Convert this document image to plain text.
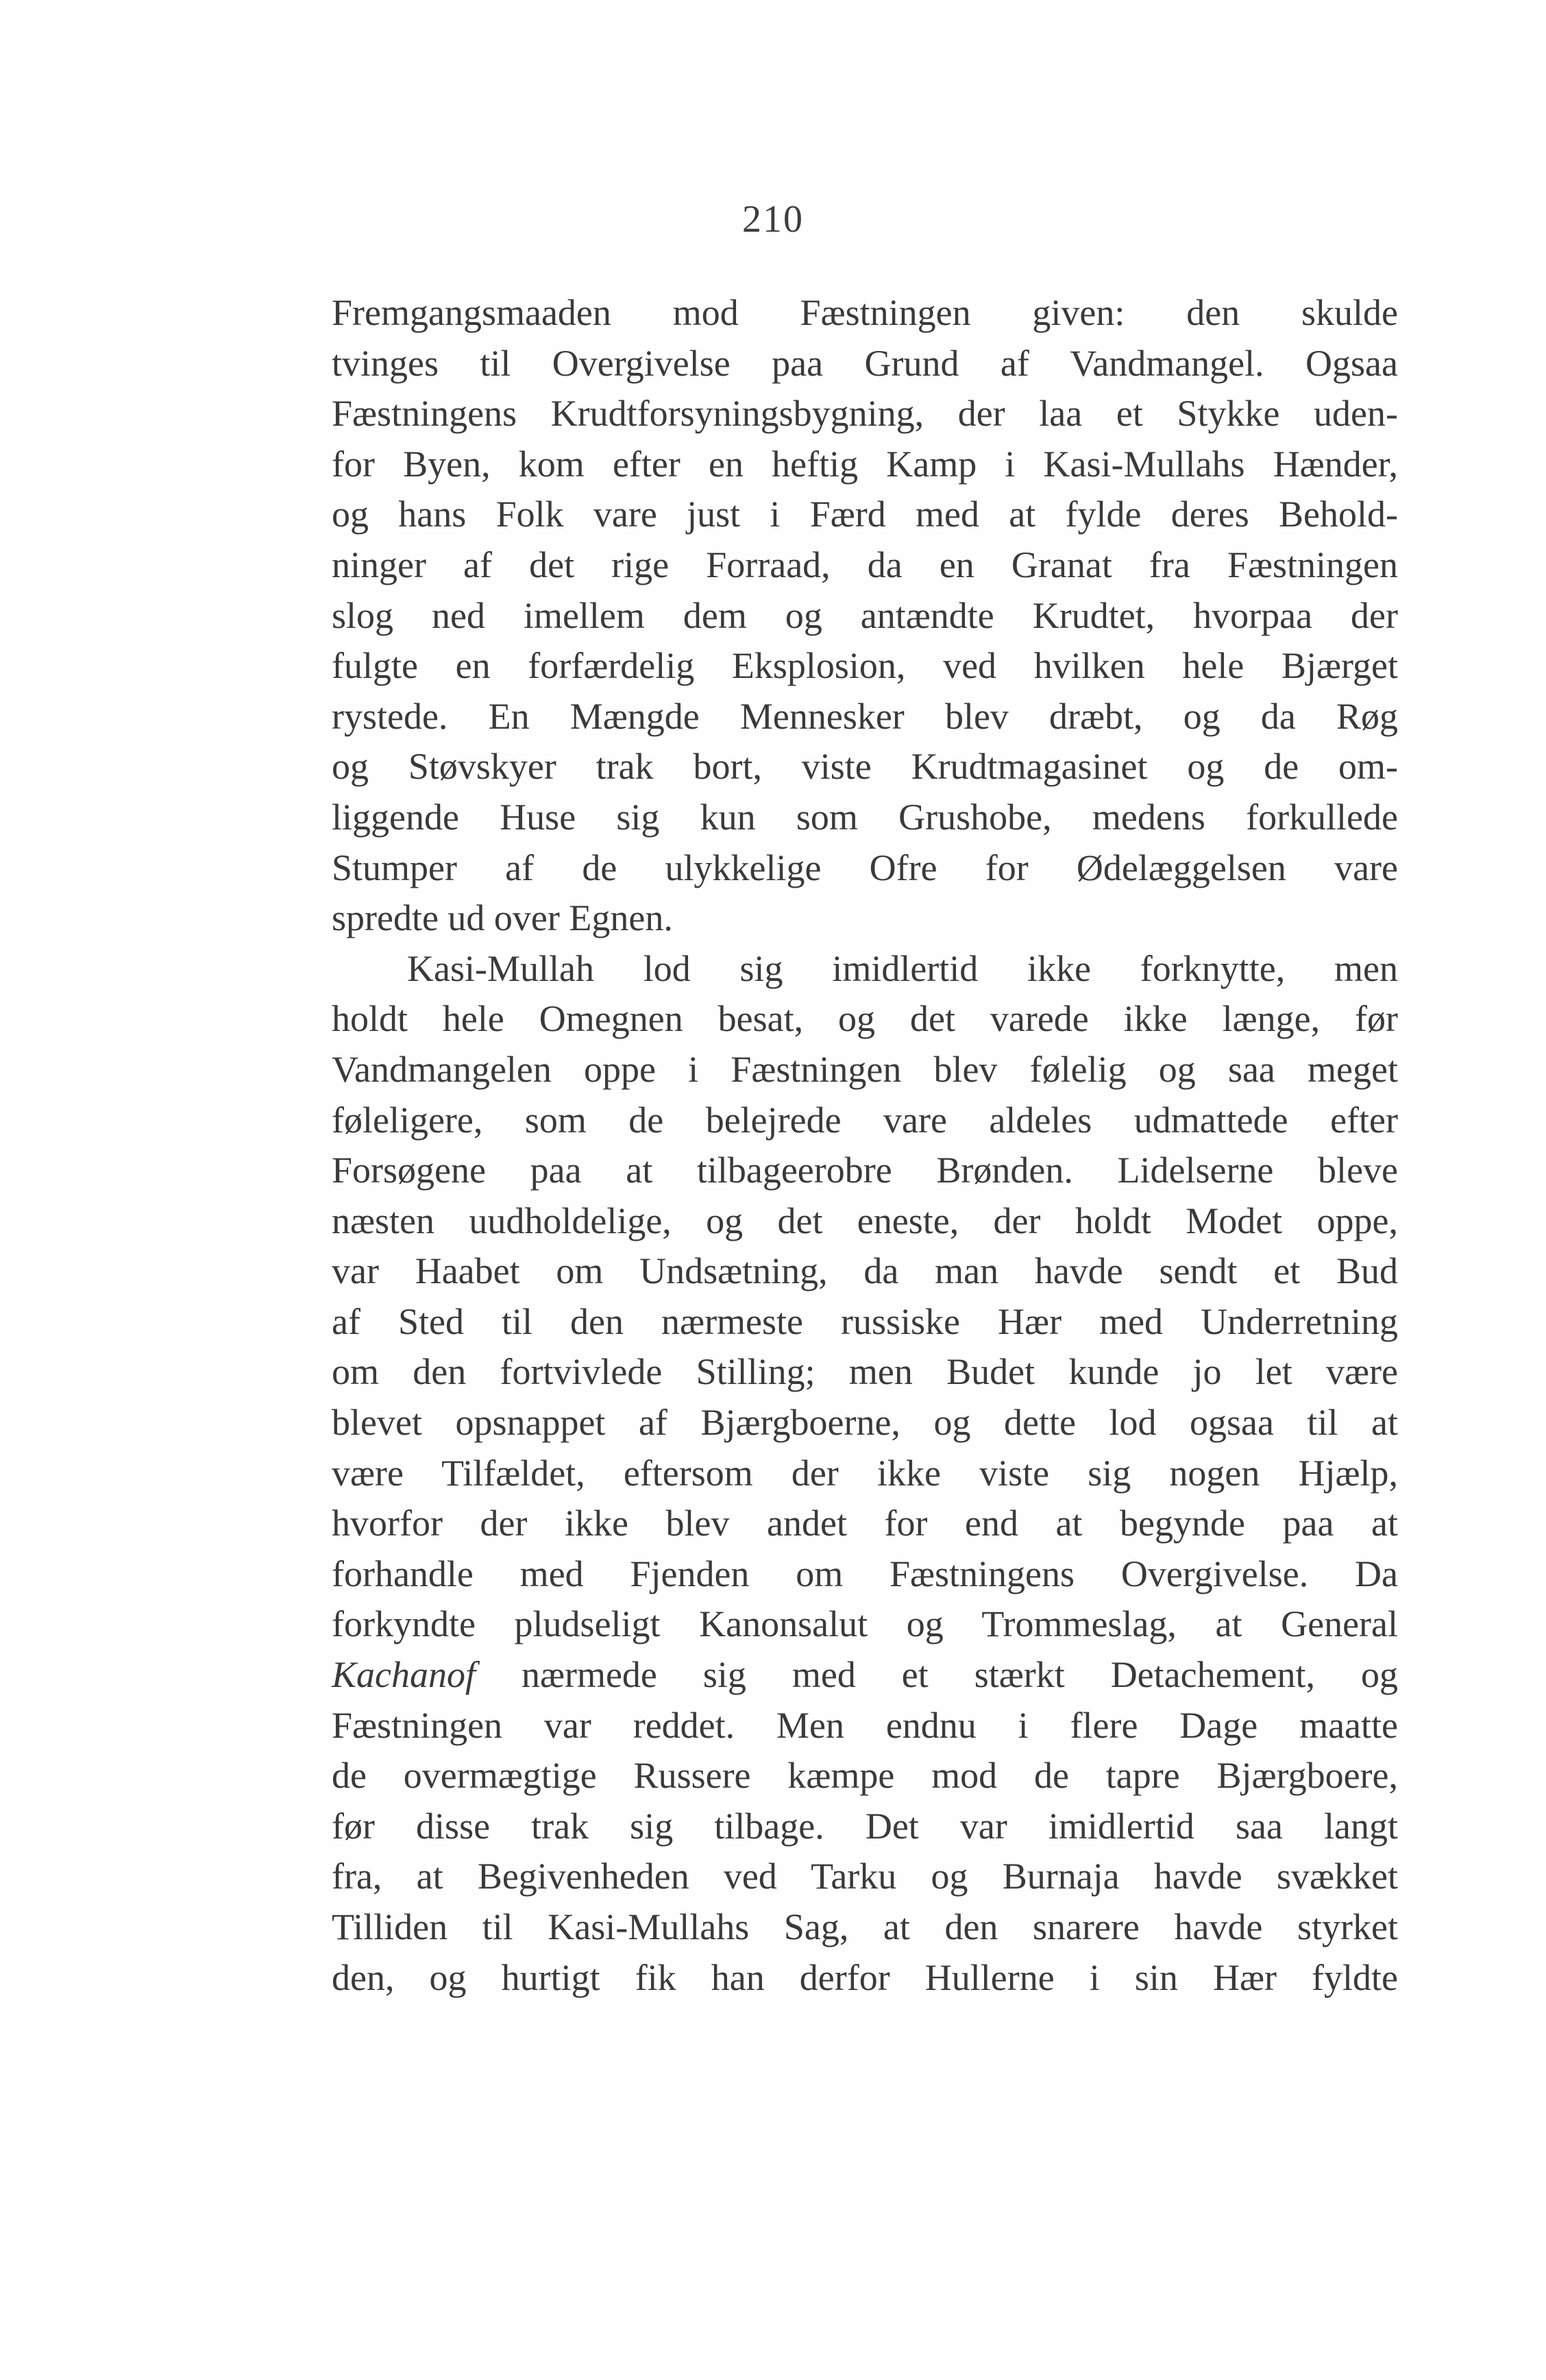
210
Fremgangsmaaden mod Fæstningen given: den skulde
tvinges til Overgivelse paa Grund af Vandmangel. Ogsaa
Fæstningens Krudtforsyningsbygning, der laa et Stykke uden-
for Byen, kom efter en heftig Kamp i Kasi-Mullahs Hænder,
og hans Folk vare just i Færd med at fylde deres Behold-
ninger af det rige Forraad, da en Granat fra Fæstningen
slog ned imellem dem og antændte Krudtet, hvorpaa der
fulgte en forfærdelig Eksplosion, ved hvilken hele Bjærget
rystede. En Mængde Mennesker blev dræbt, og da Røg
og Støvskyer trak bort, viste Krudtmagasinet og de om-
liggende Huse sig kun som Grushobe, medens forkullede
Stumper af de ulykkelige Ofre for Ødelæggelsen vare
spredte ud over Egnen.
Kasi-Mullah lod sig imidlertid ikke forknytte, men
holdt hele Omegnen besat, og det varede ikke længe, før
Vandmangelen oppe i Fæstningen blev følelig og saa meget
føleligere, som de belejrede vare aldeles udmattede efter
Forsøgene paa at tilbageerobre Brønden. Lidelserne bleve
næsten uudholdelige, og det eneste, der holdt Modet oppe,
var Haabet om Undsætning, da man havde sendt et Bud
af Sted til den nærmeste russiske Hær med Underretning
om den fortvivlede Stilling; men Budet kunde jo let være
blevet opsnappet af Bjærgboerne, og dette lod ogsaa til at
være Tilfældet, eftersom der ikke viste sig nogen Hjælp,
hvorfor der ikke blev andet for end at begynde paa at
forhandle med Fjenden om Fæstningens Overgivelse. Da
forkyndte pludseligt Kanonsalut og Trommeslag, at General
Kachanof nærmede sig med et stærkt Detachement, og
Fæstningen var reddet. Men endnu i flere Dage maatte
de overmægtige Russere kæmpe mod de tapre Bjærgboere,
før disse trak sig tilbage. Det var imidlertid saa langt
fra, at Begivenheden ved Tarku og Burnaja havde svækket
Tilliden til Kasi-Mullahs Sag, at den snarere havde styrket
den, og hurtigt fik han derfor Hullerne i sin Hær fyldte
